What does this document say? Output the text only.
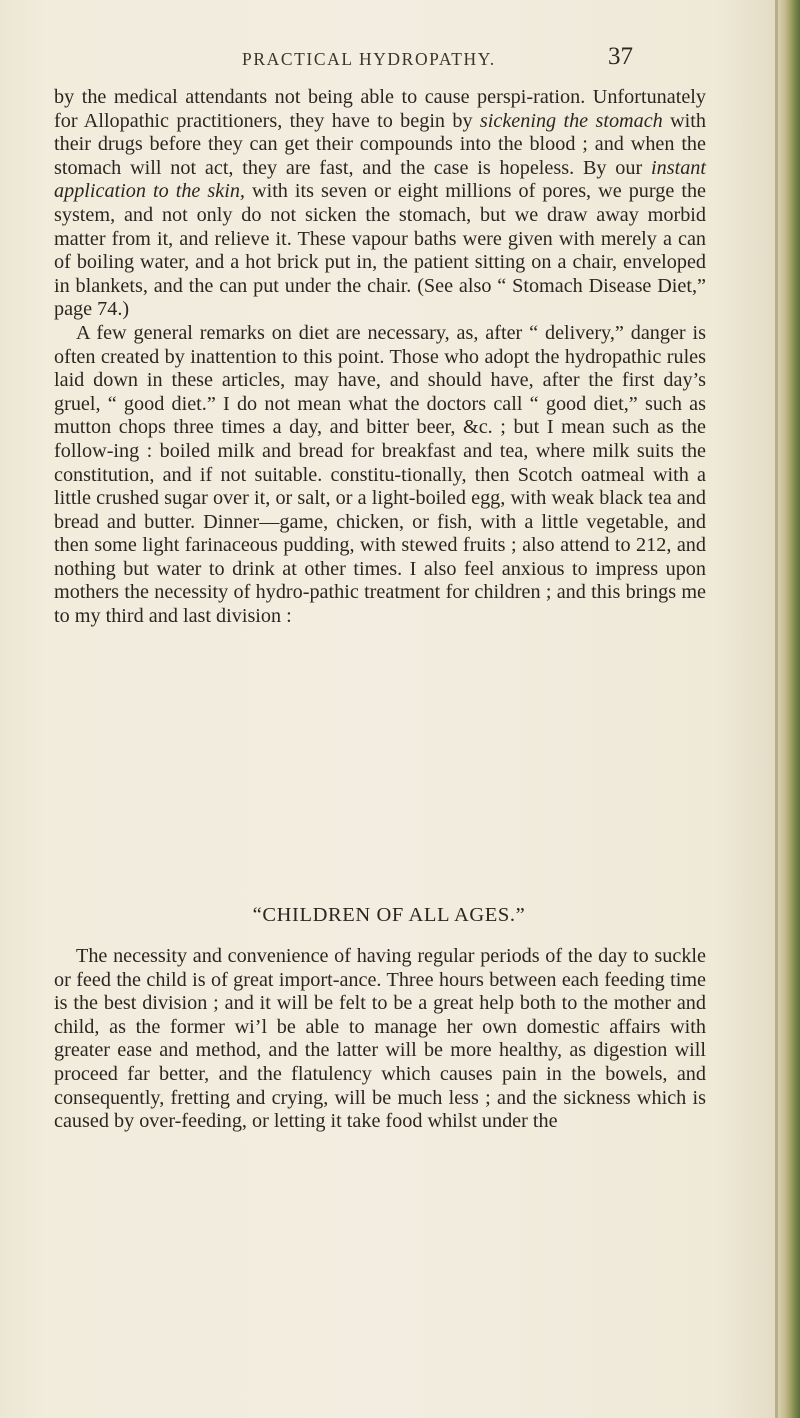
PRACTICAL HYDROPATHY.	37

by the medical attendants not being able to cause perspi-ration. Unfortunately for Allopathic practitioners, they have to begin by sickening the stomach with their drugs before they can get their compounds into the blood ; and when the stomach will not act, they are fast, and the case is hopeless. By our instant application to the skin, with its seven or eight millions of pores, we purge the system, and not only do not sicken the stomach, but we draw away morbid matter from it, and relieve it. These vapour baths were given with merely a can of boiling water, and a hot brick put in, the patient sitting on a chair, enveloped in blankets, and the can put under the chair. (See also “ Stomach Disease Diet,” page 74.)

A few general remarks on diet are necessary, as, after “ delivery,” danger is often created by inattention to this point. Those who adopt the hydropathic rules laid down in these articles, may have, and should have, after the first day’s gruel, “ good diet.” I do not mean what the doctors call “ good diet,” such as mutton chops three times a day, and bitter beer, &c. ; but I mean such as the follow-ing : boiled milk and bread for breakfast and tea, where milk suits the constitution, and if not suitable. constitu-tionally, then Scotch oatmeal with a little crushed sugar over it, or salt, or a light-boiled egg, with weak black tea and bread and butter. Dinner—game, chicken, or fish, with a little vegetable, and then some light farinaceous pudding, with stewed fruits ; also attend to 212, and nothing but water to drink at other times. I also feel anxious to impress upon mothers the necessity of hydro-pathic treatment for children ; and this brings me to my third and last division :

“CHILDREN OF ALL AGES.”

The necessity and convenience of having regular periods of the day to suckle or feed the child is of great import-ance. Three hours between each feeding time is the best division ; and it will be felt to be a great help both to the mother and child, as the former wi’l be able to manage her own domestic affairs with greater ease and method, and the latter will be more healthy, as digestion will proceed far better, and the flatulency which causes pain in the bowels, and consequently, fretting and crying, will be much less ; and the sickness which is caused by over-feeding, or letting it take food whilst under the
